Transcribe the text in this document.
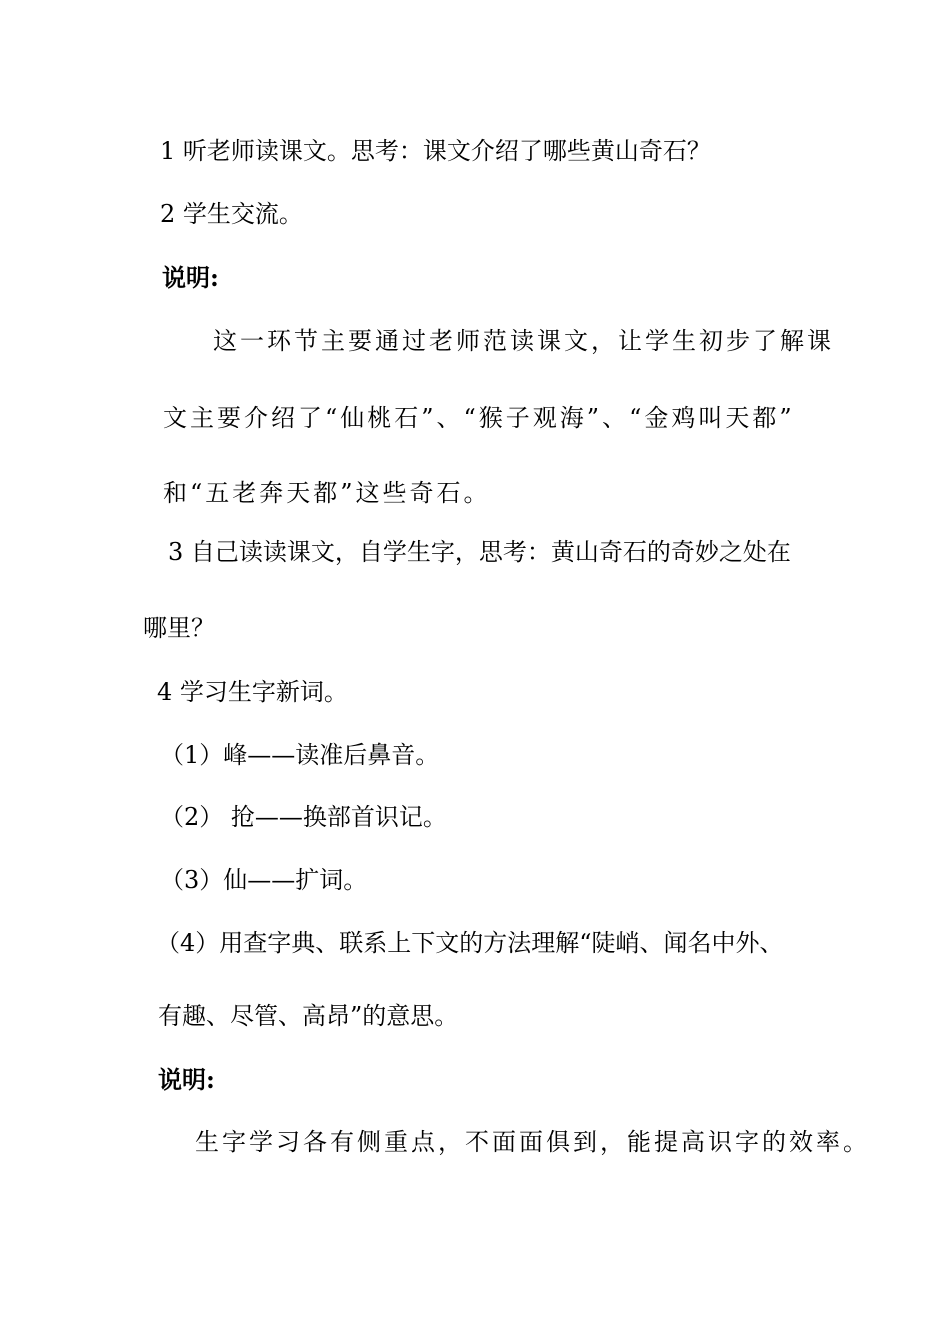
1 听老师读课文。思考：课文介绍了哪些黄山奇石？
2 学生交流。
说明:
这一环节主要通过老师范读课文，让学生初步了解课
文主要介绍了“仙桃石”、“猴子观海”、“金鸡叫天都”
和“五老奔天都”这些奇石。
3 自己读读课文，自学生字，思考：黄山奇石的奇妙之处在
哪里？
4 学习生字新词。
（1）峰——读准后鼻音。
（2） 抢——换部首识记。
（3）仙——扩词。
（4）用查字典、联系上下文的方法理解“陡峭、闻名中外、
有趣、尽管、高昂”的意思。
说明:
生字学习各有侧重点，不面面俱到，能提高识字的效率。
